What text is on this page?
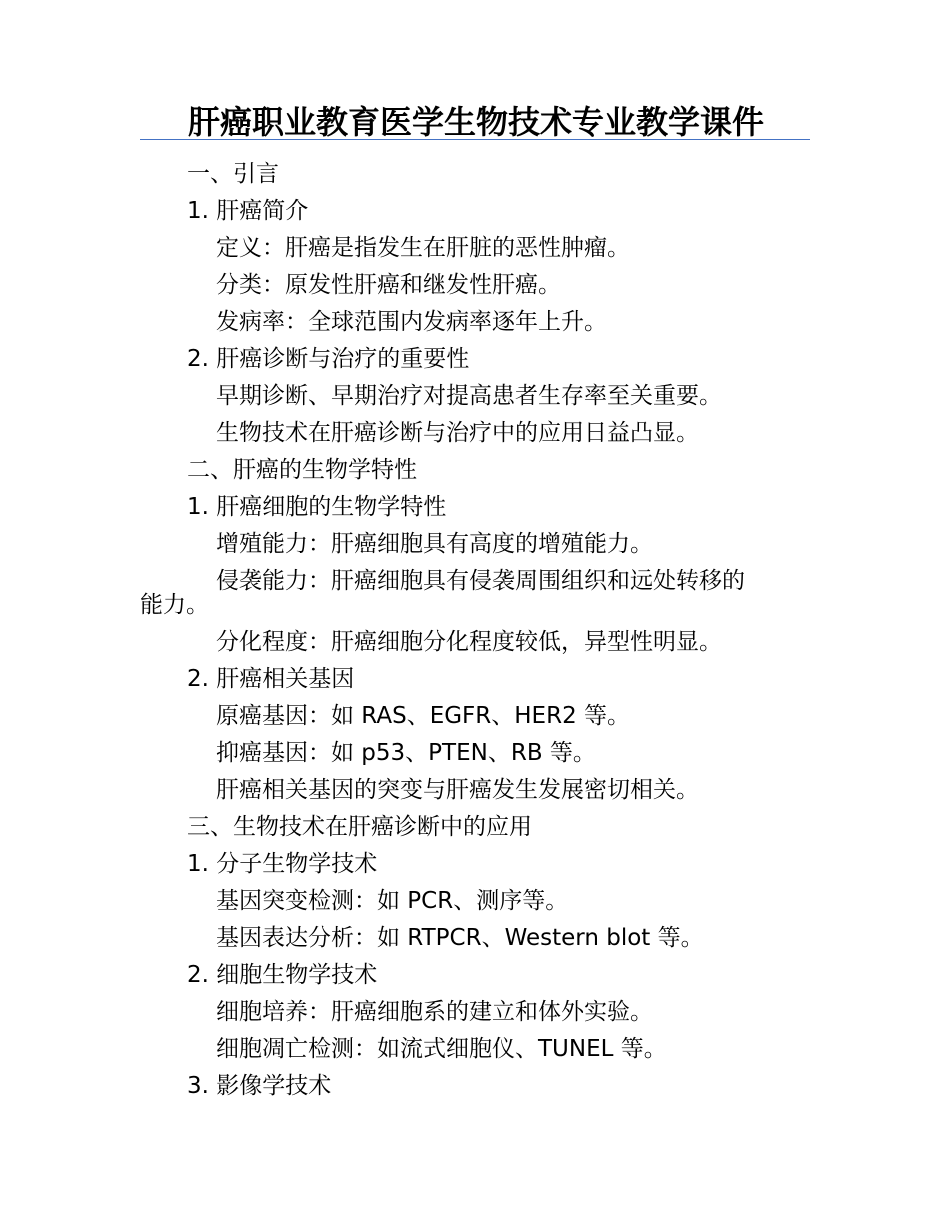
肝癌职业教育医学生物技术专业教学课件
一、引言
1. 肝癌简介
定义：肝癌是指发生在肝脏的恶性肿瘤。
分类：原发性肝癌和继发性肝癌。
发病率：全球范围内发病率逐年上升。
2. 肝癌诊断与治疗的重要性
早期诊断、早期治疗对提高患者生存率至关重要。
生物技术在肝癌诊断与治疗中的应用日益凸显。
二、肝癌的生物学特性
1. 肝癌细胞的生物学特性
增殖能力：肝癌细胞具有高度的增殖能力。
侵袭能力：肝癌细胞具有侵袭周围组织和远处转移的
能力。
分化程度：肝癌细胞分化程度较低，异型性明显。
2. 肝癌相关基因
原癌基因：如 RAS、EGFR、HER2 等。
抑癌基因：如 p53、PTEN、RB 等。
肝癌相关基因的突变与肝癌发生发展密切相关。
三、生物技术在肝癌诊断中的应用
1. 分子生物学技术
基因突变检测：如 PCR、测序等。
基因表达分析：如 RTPCR、Western blot 等。
2. 细胞生物学技术
细胞培养：肝癌细胞系的建立和体外实验。
细胞凋亡检测：如流式细胞仪、TUNEL 等。
3. 影像学技术
